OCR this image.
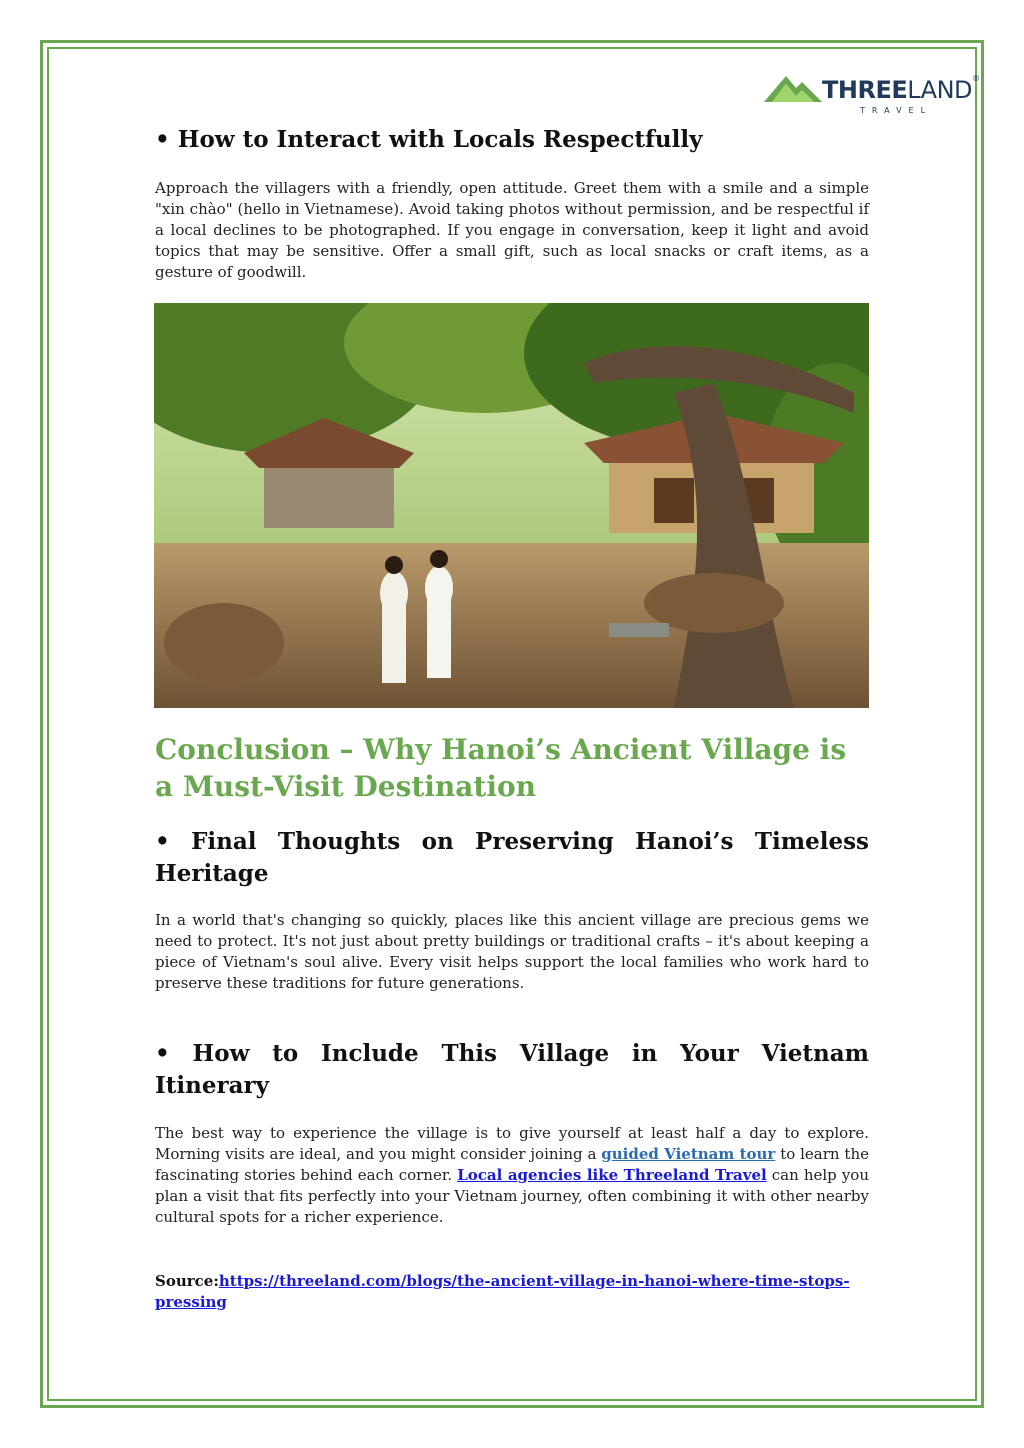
THREELAND®
TRAVEL
• How to Interact with Locals Respectfully

Approach the villagers with a friendly, open attitude. Greet them with a smile and a simple "xin chào" (hello in Vietnamese). Avoid taking photos without permission, and be respectful if a local declines to be photographed. If you engage in conversation, keep it light and avoid topics that may be sensitive. Offer a small gift, such as local snacks or craft items, as a gesture of goodwill.

Conclusion – Why Hanoi’s Ancient Village is a Must-Visit Destination
• Final Thoughts on Preserving Hanoi’s Timeless Heritage

In a world that's changing so quickly, places like this ancient village are precious gems we need to protect. It's not just about pretty buildings or traditional crafts – it's about keeping a piece of Vietnam's soul alive. Every visit helps support the local families who work hard to preserve these traditions for future generations.

• How to Include This Village in Your Vietnam Itinerary

The best way to experience the village is to give yourself at least half a day to explore. Morning visits are ideal, and you might consider joining a guided Vietnam tour to learn the fascinating stories behind each corner. Local agencies like Threeland Travel can help you plan a visit that fits perfectly into your Vietnam journey, often combining it with other nearby cultural spots for a richer experience.

Source:https://threeland.com/blogs/the-ancient-village-in-hanoi-where-time-stops-pressing
